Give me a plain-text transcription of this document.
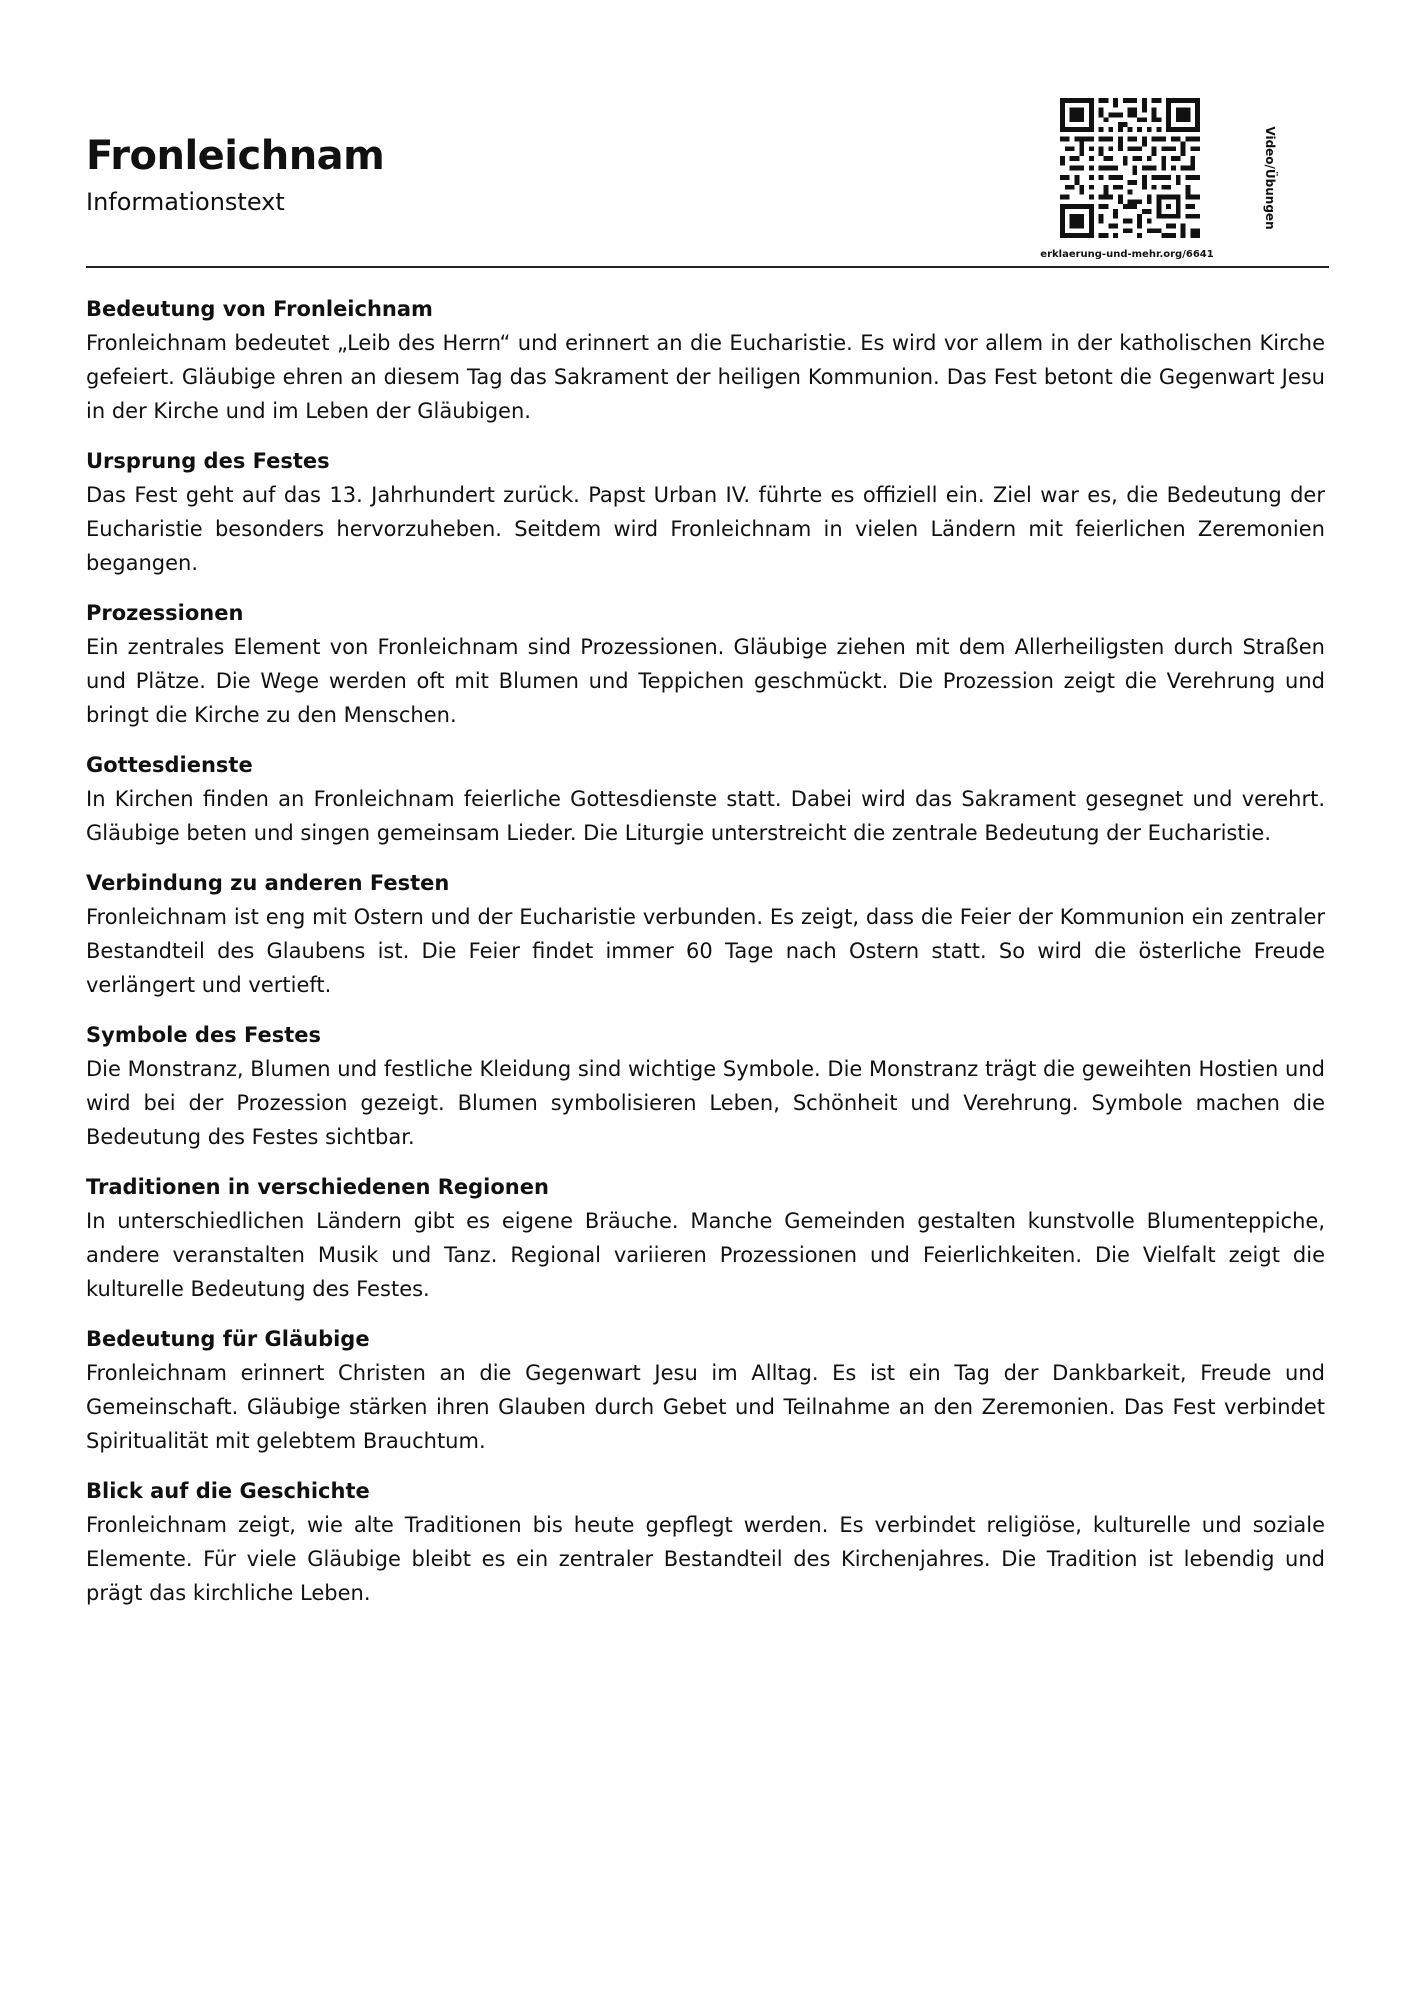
Fronleichnam

Informationstext	Video/Übungen
erklaerung-und-mehr.org/6641
Bedeutung von Fronleichnam

Fronleichnam bedeutet „Leib des Herrn“ und erinnert an die Eucharistie. Es wird vor allem in der katholischen Kirche gefeiert. Gläubige ehren an diesem Tag das Sakrament der heiligen Kommunion. Das Fest betont die Gegenwart Jesu in der Kirche und im Leben der Gläubigen.

Ursprung des Festes

Das Fest geht auf das 13. Jahrhundert zurück. Papst Urban IV. führte es offiziell ein. Ziel war es, die Bedeutung der Eucharistie besonders hervorzuheben. Seitdem wird Fronleichnam in vielen Ländern mit feierlichen Zeremonien begangen.

Prozessionen

Ein zentrales Element von Fronleichnam sind Prozessionen. Gläubige ziehen mit dem Allerheiligsten durch Straßen und Plätze. Die Wege werden oft mit Blumen und Teppichen geschmückt. Die Prozession zeigt die Verehrung und bringt die Kirche zu den Menschen.

Gottesdienste

In Kirchen finden an Fronleichnam feierliche Gottesdienste statt. Dabei wird das Sakrament gesegnet und verehrt. Gläubige beten und singen gemeinsam Lieder. Die Liturgie unterstreicht die zentrale Bedeutung der Eucharistie.

Verbindung zu anderen Festen

Fronleichnam ist eng mit Ostern und der Eucharistie verbunden. Es zeigt, dass die Feier der Kommunion ein zentraler Bestandteil des Glaubens ist. Die Feier findet immer 60 Tage nach Ostern statt. So wird die österliche Freude verlängert und vertieft.

Symbole des Festes

Die Monstranz, Blumen und festliche Kleidung sind wichtige Symbole. Die Monstranz trägt die geweihten Hostien und wird bei der Prozession gezeigt. Blumen symbolisieren Leben, Schönheit und Verehrung. Symbole machen die Bedeutung des Festes sichtbar.

Traditionen in verschiedenen Regionen

In unterschiedlichen Ländern gibt es eigene Bräuche. Manche Gemeinden gestalten kunstvolle Blumenteppiche, andere veranstalten Musik und Tanz. Regional variieren Prozessionen und Feierlichkeiten. Die Vielfalt zeigt die kulturelle Bedeutung des Festes.

Bedeutung für Gläubige

Fronleichnam erinnert Christen an die Gegenwart Jesu im Alltag. Es ist ein Tag der Dankbarkeit, Freude und Gemeinschaft. Gläubige stärken ihren Glauben durch Gebet und Teilnahme an den Zeremonien. Das Fest verbindet Spiritualität mit gelebtem Brauchtum.

Blick auf die Geschichte

Fronleichnam zeigt, wie alte Traditionen bis heute gepflegt werden. Es verbindet religiöse, kulturelle und soziale Elemente. Für viele Gläubige bleibt es ein zentraler Bestandteil des Kirchenjahres. Die Tradition ist lebendig und prägt das kirchliche Leben.
